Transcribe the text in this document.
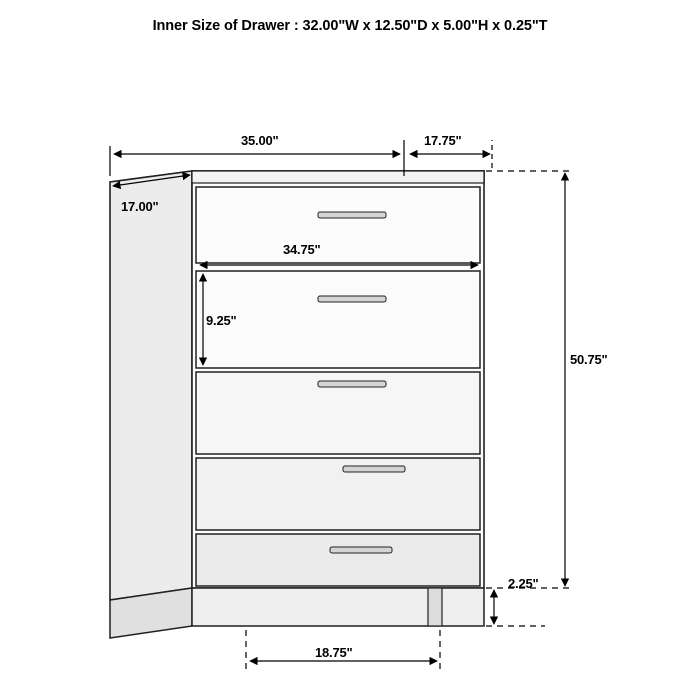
Inner Size of Drawer : 32.00"W x 12.50"D x 5.00"H x 0.25"T
35.00"	17.75"
17.00"
34.75"
9.25"
50.75"
2.25"
18.75"
